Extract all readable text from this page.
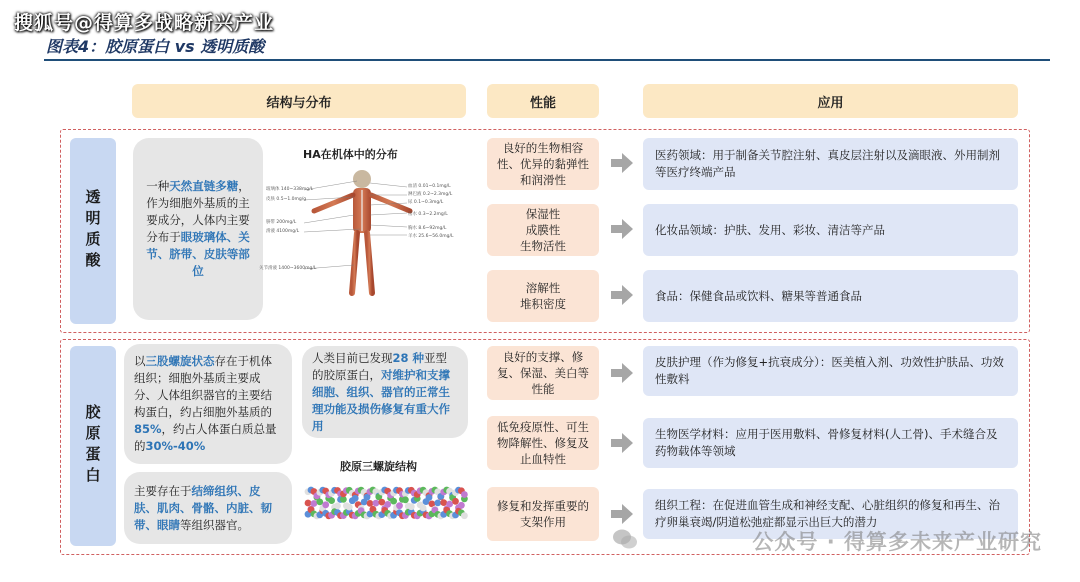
搜狐号@得算多战略新兴产业
图表4：胶原蛋白 vs 透明质酸
结构与分布	性能	应用
透明质酸
一种天然直链多糖，作为细胞外基质的主要成分，人体内主要分布于眼玻璃体、关节、脐带、皮肤等部位
HA在机体中的分布
玻璃体 140~338mg/L
皮肤 0.5~1.0mg/g
脐带 200mg/L
滑液 4100mg/L
关节滑液 1400~3600mg/L
血清 0.01~0.1mg/L
淋巴液 0.2~2.3mg/L
尿 0.1~0.3mg/L
房水 0.3~2.2mg/L
胸水 8.6~92mg/L
羊水 25.6~56.0mg/L
良好的生物相容性、优异的黏弹性和润滑性
保湿性
成膜性
生物活性
溶解性
堆积密度
医药领域：用于制备关节腔注射、真皮层注射以及滴眼液、外用制剂等医疗终端产品
化妆品领域：护肤、发用、彩妆、清洁等产品
食品：保健食品或饮料、糖果等普通食品
胶原蛋白
以三股螺旋状态存在于机体组织；细胞外基质主要成分、人体组织器官的主要结构蛋白，约占细胞外基质的85%，约占人体蛋白质总量的30%-40%
人类目前已发现28 种亚型的胶原蛋白，对维护和支撑细胞、组织、器官的正常生理功能及损伤修复有重大作用
主要存在于结缔组织、皮肤、肌肉、骨骼、内脏、韧带、眼睛等组织器官。
胶原三螺旋结构
良好的支撑、修复、保湿、美白等性能
低免疫原性、可生物降解性、修复及止血特性
修复和发挥重要的支架作用
皮肤护理（作为修复+抗衰成分）：医美植入剂、功效性护肤品、功效性敷料
生物医学材料：应用于医用敷料、骨修复材料(人工骨)、手术缝合及药物载体等领域
组织工程：在促进血管生成和神经支配、心脏组织的修复和再生、治疗卵巢衰竭/阴道松弛症都显示出巨大的潜力
公众号 · 得算多未来产业研究
